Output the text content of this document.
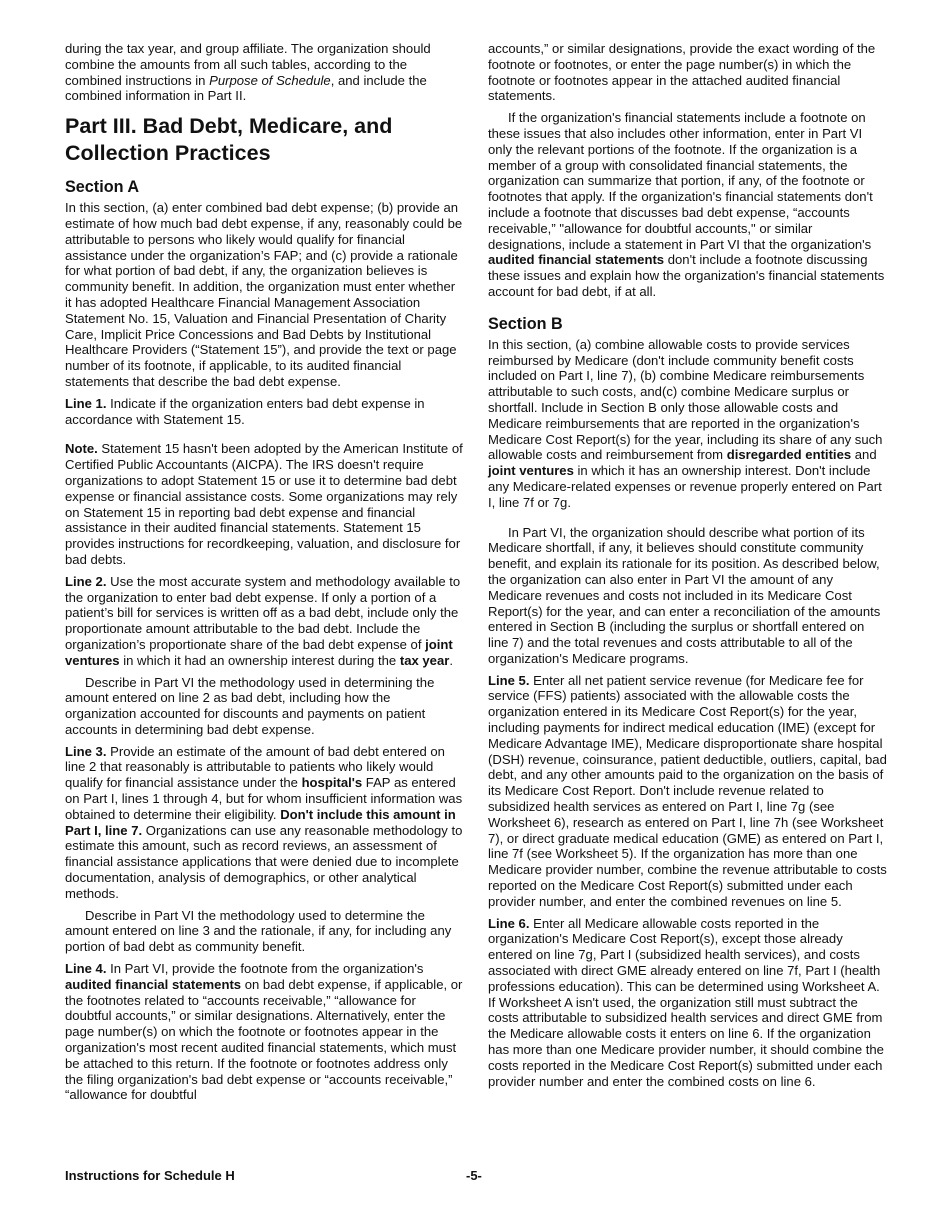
during the tax year, and group affiliate. The organization should combine the amounts from all such tables, according to the combined instructions in Purpose of Schedule, and include the combined information in Part II.

Part III. Bad Debt, Medicare, and Collection Practices
Section A

In this section, (a) enter combined bad debt expense; (b) provide an estimate of how much bad debt expense, if any, reasonably could be attributable to persons who likely would qualify for financial assistance under the organization’s FAP; and (c) provide a rationale for what portion of bad debt, if any, the organization believes is community benefit. In addition, the organization must enter whether it has adopted Healthcare Financial Management Association Statement No. 15, Valuation and Financial Presentation of Charity Care, Implicit Price Concessions and Bad Debts by Institutional Healthcare Providers (“Statement 15”), and provide the text or page number of its footnote, if applicable, to its audited financial statements that describe the bad debt expense.

Line 1. Indicate if the organization enters bad debt expense in accordance with Statement 15.

Note. Statement 15 hasn't been adopted by the American Institute of Certified Public Accountants (AICPA). The IRS doesn't require organizations to adopt Statement 15 or use it to determine bad debt expense or financial assistance costs. Some organizations may rely on Statement 15 in reporting bad debt expense and financial assistance in their audited financial statements. Statement 15 provides instructions for recordkeeping, valuation, and disclosure for bad debts.

Line 2. Use the most accurate system and methodology available to the organization to enter bad debt expense. If only a portion of a patient’s bill for services is written off as a bad debt, include only the proportionate amount attributable to the bad debt. Include the organization’s proportionate share of the bad debt expense of joint ventures in which it had an ownership interest during the tax year.

Describe in Part VI the methodology used in determining the amount entered on line 2 as bad debt, including how the organization accounted for discounts and payments on patient accounts in determining bad debt expense.

Line 3. Provide an estimate of the amount of bad debt entered on line 2 that reasonably is attributable to patients who likely would qualify for financial assistance under the hospital's FAP as entered on Part I, lines 1 through 4, but for whom insufficient information was obtained to determine their eligibility. Don't include this amount in Part I, line 7. Organizations can use any reasonable methodology to estimate this amount, such as record reviews, an assessment of financial assistance applications that were denied due to incomplete documentation, analysis of demographics, or other analytical methods.

Describe in Part VI the methodology used to determine the amount entered on line 3 and the rationale, if any, for including any portion of bad debt as community benefit.

Line 4. In Part VI, provide the footnote from the organization's audited financial statements on bad debt expense, if applicable, or the footnotes related to “accounts receivable,” “allowance for doubtful accounts,” or similar designations. Alternatively, enter the page number(s) on which the footnote or footnotes appear in the organization's most recent audited financial statements, which must be attached to this return. If the footnote or footnotes address only the filing organization's bad debt expense or “accounts receivable,” “allowance for doubtful

accounts,” or similar designations, provide the exact wording of the footnote or footnotes, or enter the page number(s) in which the footnote or footnotes appear in the attached audited financial statements.

If the organization's financial statements include a footnote on these issues that also includes other information, enter in Part VI only the relevant portions of the footnote. If the organization is a member of a group with consolidated financial statements, the organization can summarize that portion, if any, of the footnote or footnotes that apply. If the organization's financial statements don't include a footnote that discusses bad debt expense, “accounts receivable,” "allowance for doubtful accounts," or similar designations, include a statement in Part VI that the organization's audited financial statements don't include a footnote discussing these issues and explain how the organization's financial statements account for bad debt, if at all.

Section B

In this section, (a) combine allowable costs to provide services reimbursed by Medicare (don't include community benefit costs included on Part I, line 7), (b) combine Medicare reimbursements attributable to such costs, and(c) combine Medicare surplus or shortfall. Include in Section B only those allowable costs and Medicare reimbursements that are reported in the organization's Medicare Cost Report(s) for the year, including its share of any such allowable costs and reimbursement from disregarded entities and joint ventures in which it has an ownership interest. Don't include any Medicare-related expenses or revenue properly entered on Part I, line 7f or 7g.

In Part VI, the organization should describe what portion of its Medicare shortfall, if any, it believes should constitute community benefit, and explain its rationale for its position. As described below, the organization can also enter in Part VI the amount of any Medicare revenues and costs not included in its Medicare Cost Report(s) for the year, and can enter a reconciliation of the amounts entered in Section B (including the surplus or shortfall entered on line 7) and the total revenues and costs attributable to all of the organization's Medicare programs.

Line 5. Enter all net patient service revenue (for Medicare fee for service (FFS) patients) associated with the allowable costs the organization entered in its Medicare Cost Report(s) for the year, including payments for indirect medical education (IME) (except for Medicare Advantage IME), Medicare disproportionate share hospital (DSH) revenue, coinsurance, patient deductible, outliers, capital, bad debt, and any other amounts paid to the organization on the basis of its Medicare Cost Report. Don't include revenue related to subsidized health services as entered on Part I, line 7g (see Worksheet 6), research as entered on Part I, line 7h (see Worksheet 7), or direct graduate medical education (GME) as entered on Part I, line 7f (see Worksheet 5). If the organization has more than one Medicare provider number, combine the revenue attributable to costs reported on the Medicare Cost Report(s) submitted under each provider number, and enter the combined revenues on line 5.

Line 6. Enter all Medicare allowable costs reported in the organization's Medicare Cost Report(s), except those already entered on line 7g, Part I (subsidized health services), and costs associated with direct GME already entered on line 7f, Part I (health professions education). This can be determined using Worksheet A. If Worksheet A isn't used, the organization still must subtract the costs attributable to subsidized health services and direct GME from the Medicare allowable costs it enters on line 6. If the organization has more than one Medicare provider number, it should combine the costs reported in the Medicare Cost Report(s) submitted under each provider number and enter the combined costs on line 6.

Instructions for Schedule H	-5-
